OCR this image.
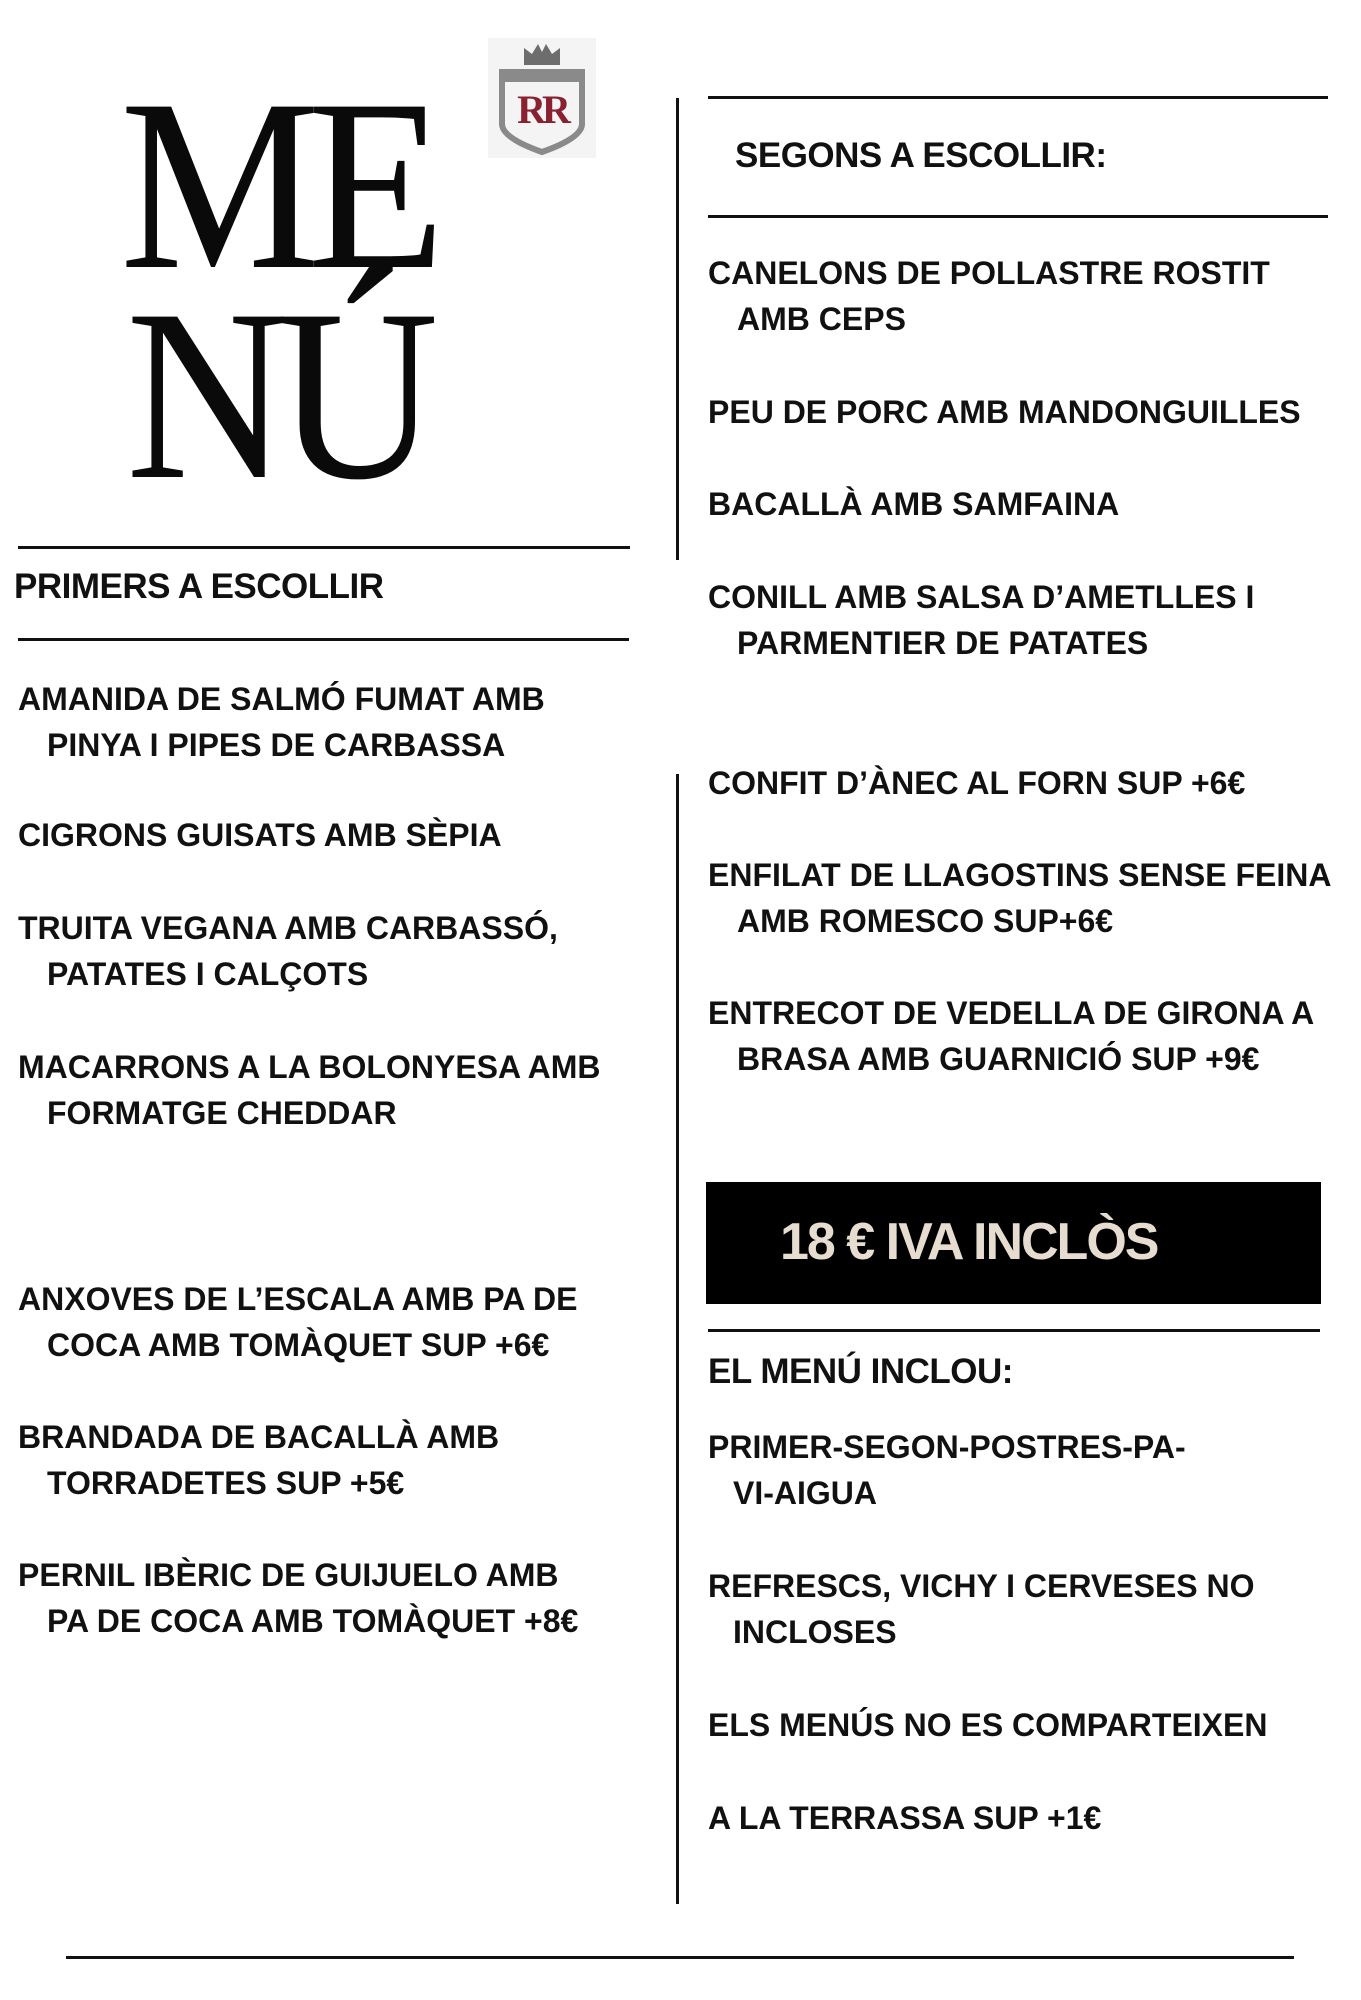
RR
ME
NÚ
PRIMERS A ESCOLLIR
AMANIDA DE SALMÓ FUMAT AMB
PINYA I PIPES DE CARBASSA
CIGRONS GUISATS AMB SÈPIA
TRUITA VEGANA AMB CARBASSÓ,
PATATES I CALÇOTS
MACARRONS A LA BOLONYESA AMB
FORMATGE CHEDDAR
ANXOVES DE L’ESCALA AMB PA DE
COCA AMB TOMÀQUET SUP +6€
BRANDADA DE BACALLÀ AMB
TORRADETES SUP +5€
PERNIL IBÈRIC DE GUIJUELO AMB
PA DE COCA AMB TOMÀQUET +8€
SEGONS A ESCOLLIR:
CANELONS DE POLLASTRE ROSTIT
AMB CEPS
PEU DE PORC AMB MANDONGUILLES
BACALLÀ AMB SAMFAINA
CONILL AMB SALSA D’AMETLLES I
PARMENTIER DE PATATES
CONFIT D’ÀNEC AL FORN SUP +6€
ENFILAT DE LLAGOSTINS SENSE FEINA
AMB ROMESCO SUP+6€
ENTRECOT DE VEDELLA DE GIRONA A
BRASA AMB GUARNICIÓ SUP +9€
18 € IVA INCLÒS
EL MENÚ INCLOU:
PRIMER-SEGON-POSTRES-PA-
VI-AIGUA
REFRESCS, VICHY I CERVESES NO
INCLOSES
ELS MENÚS NO ES COMPARTEIXEN
A LA TERRASSA SUP +1€
